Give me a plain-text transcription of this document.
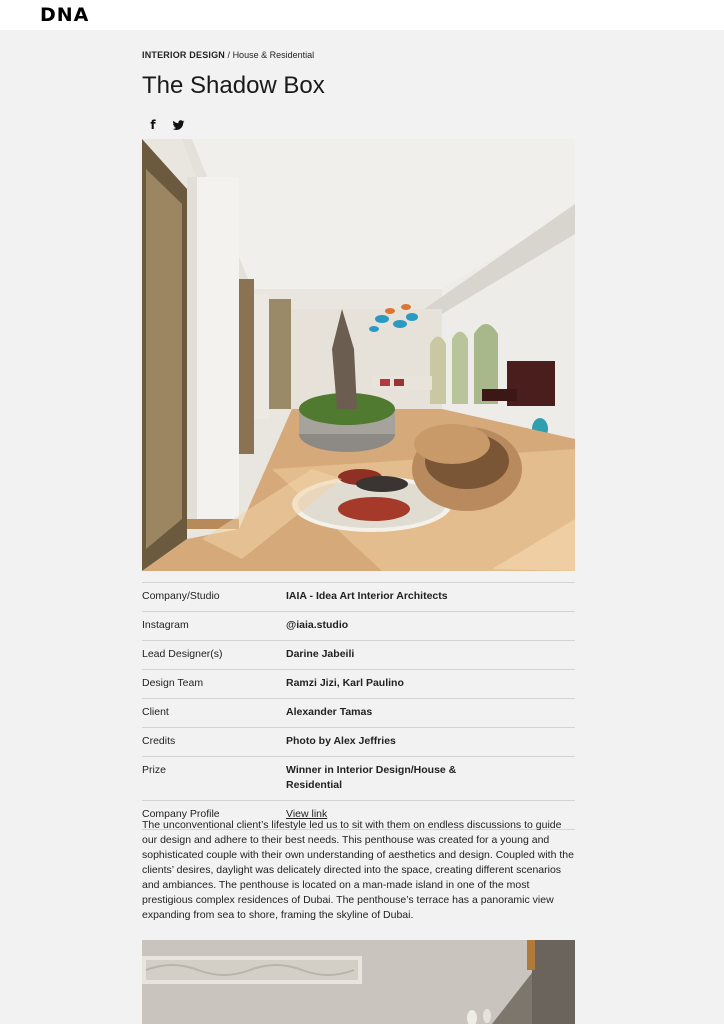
DNA
INTERIOR DESIGN / House & Residential
The Shadow Box
f
Company/Studio	IAIA - Idea Art Interior Architects
Instagram	@iaia.studio
Lead Designer(s)	Darine Jabeili
Design Team	Ramzi Jizi, Karl Paulino
Client	Alexander Tamas
Credits	Photo by Alex Jeffries
Prize	Winner in Interior Design/House & Residential
Company Profile	View link

The unconventional client’s lifestyle led us to sit with them on endless discussions to guide our design and adhere to their best needs. This penthouse was created for a young and sophisticated couple with their own understanding of aesthetics and design. Coupled with the clients’ desires, daylight was delicately directed into the space, creating different scenarios and ambiances. The penthouse is located on a man-made island in one of the most prestigious complex residences of Dubai. The penthouse’s terrace has a panoramic view expanding from sea to shore, framing the skyline of Dubai.
